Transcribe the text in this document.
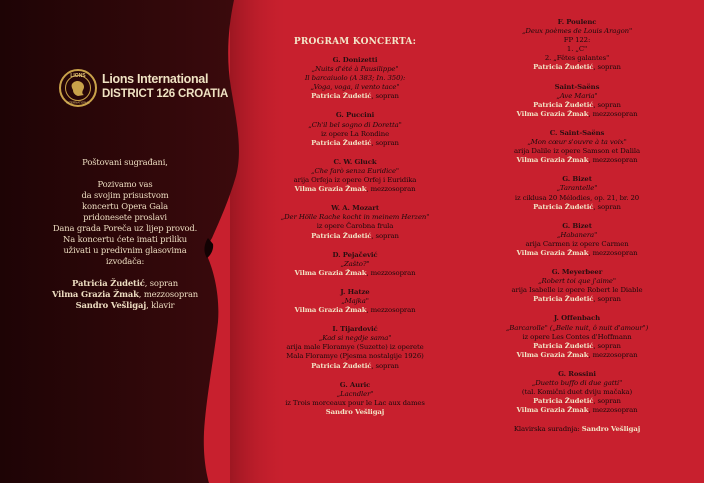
LIONS
INTERNATIONAL
Lions International
DISTRICT 126 CROATIA

Poštovani sugrađani,

Pozivamo vas

da svojim prisustvom

koncertu Opera Gala

pridonesete proslavi

Dana grada Poreča uz lijep provod.

Na koncertu ćete imati priliku

uživati u predivnim glasovima

izvođača:

Patricia Žudetić, sopran

Vilma Grazia Žmak, mezzosopran

Sandro Vešligaj, klavir

PROGRAM KONCERTA:
G. Donizetti
„Nuits d'été à Pausilippe"
Il barcaiuolo (A 383; In. 350):
„Voga, voga, il vento tace"
Patricia Žudetić, sopran
G. Puccini
„Ch'il bel sogno di Doretta"
iz opere La Rondine
Patricia Žudetić, sopran
C. W. Gluck
„Che farò senza Euridice"
arija Orfeja iz opere Orfej i Euridika
Vilma Grazia Žmak, mezzosopran
W. A. Mozart
„Der Hölle Rache kocht in meinem Herzen"
iz opere Čarobna frula
Patricia Žudetić, sopran
D. Pejačević
„Zašto?"
Vilma Grazia Žmak, mezzosopran
J. Hatze
„Majka"
Vilma Grazia Žmak, mezzosopran
I. Tijardović
„Kad si negdje sama"
arija male Floramye (Suzette) iz operete
Mala Floramye (Pjesma nostalgije 1926)
Patricia Žudetić, sopran
G. Auric
„Lacndler"
iz Trois morceaux pour le Lac aux dames
Sandro Vešligaj
F. Poulenc
„Deux poèmes de Louis Aragon"
FP 122:
1. „C"
2. „Fêtes galantes"
Patricia Žudetić, sopran
Saint-Saëns
„Ave Maria"
Patricia Žudetić, sopran
Vilma Grazia Žmak, mezzosopran
C. Saint-Saëns
„Mon cœur s'ouvre à ta voix"
arija Dalile iz opere Samson et Dalila
Vilma Grazia Žmak, mezzosopran
G. Bizet
„Tarantelle"
iz ciklusa 20 Mélodies, op. 21, br. 20
Patricia Žudetić, sopran
G. Bizet
„Habanera"
arija Carmen iz opere Carmen
Vilma Grazia Žmak, mezzosopran
G. Meyerbeer
„Robert toi que j'aime"
arija Isabelle iz opere Robert le Diable
Patricia Žudetić, sopran
J. Offenbach
„Barcarolle" („Belle nuit, ô nuit d'amour")
iz opere Les Contes d'Hoffmann
Patricia Žudetić, sopran
Vilma Grazia Žmak, mezzosopran
G. Rossini
„Duetto buffo di due gatti"
(tal. Komični duet dviju mačaka)
Patricia Žudetić, sopran
Vilma Grazia Žmak, mezzosopran
Klavirska suradnja: Sandro Vešligaj
